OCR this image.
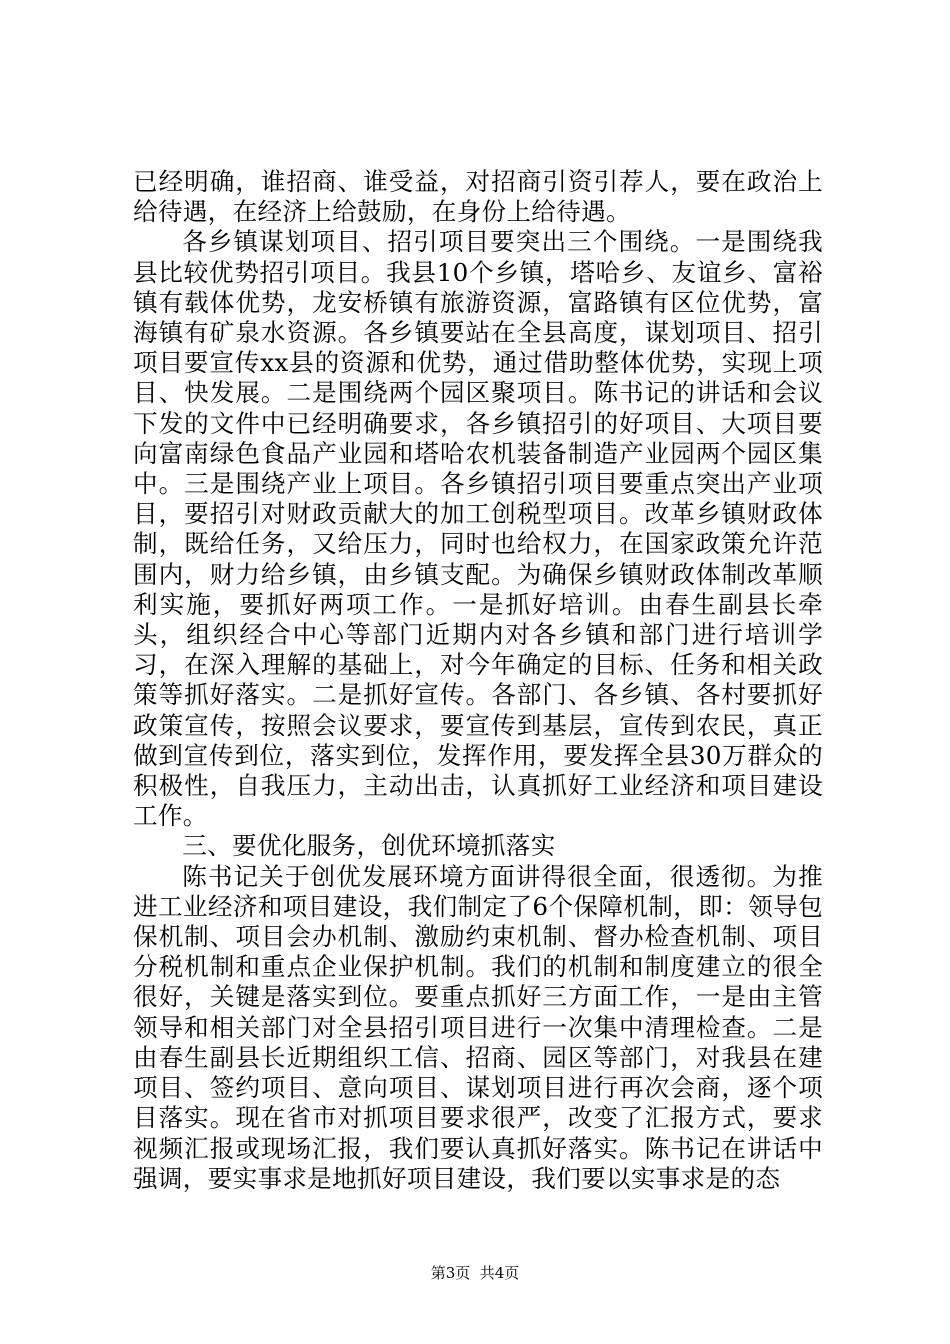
已经明确，谁招商、谁受益，对招商引资引荐人，要在政治上给待遇，在经济上给鼓励，在身份上给待遇。

各乡镇谋划项目、招引项目要突出三个围绕。一是围绕我县比较优势招引项目。我县10个乡镇，塔哈乡、友谊乡、富裕镇有载体优势，龙安桥镇有旅游资源，富路镇有区位优势，富海镇有矿泉水资源。各乡镇要站在全县高度，谋划项目、招引项目要宣传xx县的资源和优势，通过借助整体优势，实现上项目、快发展。二是围绕两个园区聚项目。陈书记的讲话和会议下发的文件中已经明确要求，各乡镇招引的好项目、大项目要向富南绿色食品产业园和塔哈农机装备制造产业园两个园区集中。三是围绕产业上项目。各乡镇招引项目要重点突出产业项目，要招引对财政贡献大的加工创税型项目。改革乡镇财政体制，既给任务，又给压力，同时也给权力，在国家政策允许范围内，财力给乡镇，由乡镇支配。为确保乡镇财政体制改革顺利实施，要抓好两项工作。一是抓好培训。由春生副县长牵头，组织经合中心等部门近期内对各乡镇和部门进行培训学习，在深入理解的基础上，对今年确定的目标、任务和相关政策等抓好落实。二是抓好宣传。各部门、各乡镇、各村要抓好政策宣传，按照会议要求，要宣传到基层，宣传到农民，真正做到宣传到位，落实到位，发挥作用，要发挥全县30万群众的积极性，自我压力，主动出击，认真抓好工业经济和项目建设工作。

三、要优化服务，创优环境抓落实

陈书记关于创优发展环境方面讲得很全面，很透彻。为推进工业经济和项目建设，我们制定了6个保障机制，即：领导包保机制、项目会办机制、激励约束机制、督办检查机制、项目分税机制和重点企业保护机制。我们的机制和制度建立的很全很好，关键是落实到位。要重点抓好三方面工作，一是由主管领导和相关部门对全县招引项目进行一次集中清理检查。二是由春生副县长近期组织工信、招商、园区等部门，对我县在建项目、签约项目、意向项目、谋划项目进行再次会商，逐个项目落实。现在省市对抓项目要求很严，改变了汇报方式，要求视频汇报或现场汇报，我们要认真抓好落实。陈书记在讲话中强调，要实事求是地抓好项目建设，我们要以实事求是的态

第3页  共4页
